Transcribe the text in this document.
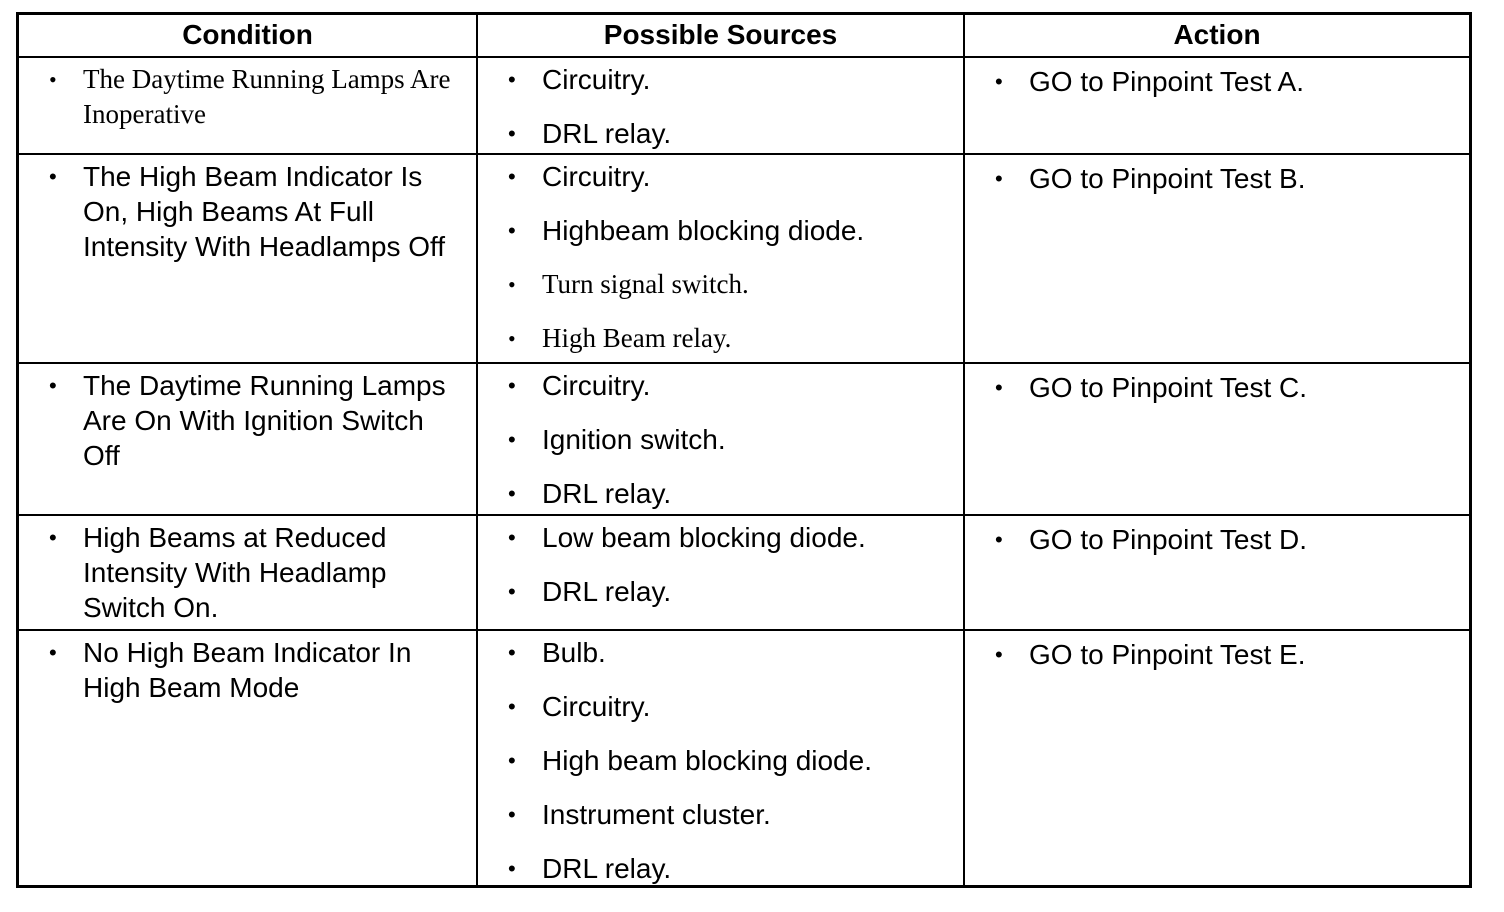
Condition	Possible Sources	Action
• The Daytime Running Lamps Are Inoperative
• Circuitry.
• DRL relay.
• GO to Pinpoint Test A.
• The High Beam Indicator Is On, High Beams At Full Intensity With Headlamps Off
• Circuitry.
• Highbeam blocking diode.
• Turn signal switch.
• High Beam relay.
• GO to Pinpoint Test B.
• The Daytime Running Lamps Are On With Ignition Switch Off
• Circuitry.
• Ignition switch.
• DRL relay.
• GO to Pinpoint Test C.
• High Beams at Reduced Intensity With Headlamp Switch On.
• Low beam blocking diode.
• DRL relay.
• GO to Pinpoint Test D.
• No High Beam Indicator In High Beam Mode
• Bulb.
• Circuitry.
• High beam blocking diode.
• Instrument cluster.
• DRL relay.
• GO to Pinpoint Test E.
